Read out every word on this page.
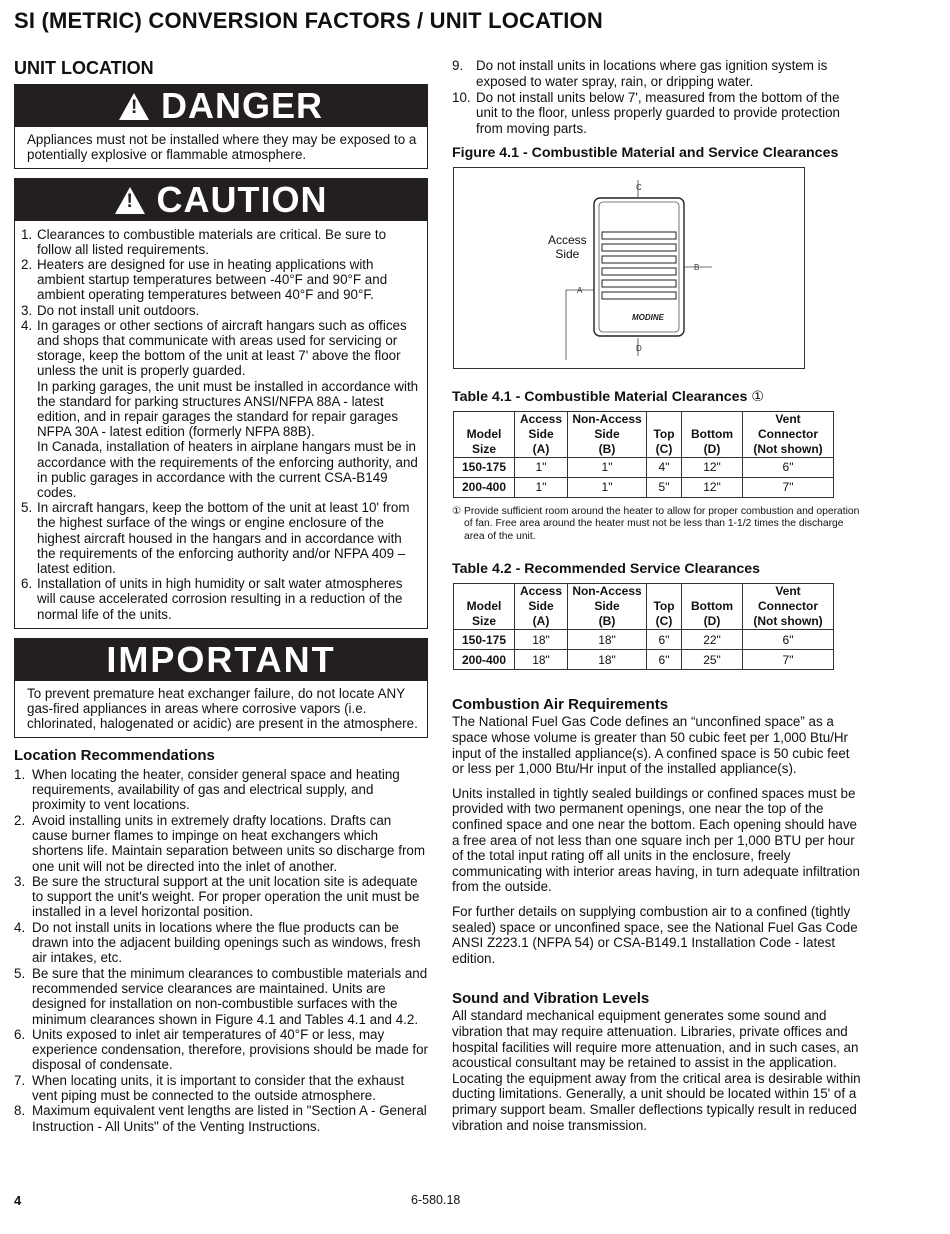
SI (METRIC) CONVERSION FACTORS / UNIT LOCATION
UNIT LOCATION
! DANGER
Appliances must not be installed where they may be exposed to a potentially explosive or flammable atmosphere.
! CAUTION
1. Clearances to combustible materials are critical. Be sure to follow all listed requirements.
2. Heaters are designed for use in heating applications with ambient startup temperatures between -40°F and 90°F and ambient operating temperatures between 40°F and 90°F.
3. Do not install unit outdoors.
4. In garages or other sections of aircraft hangars such as offices and shops that communicate with areas used for servicing or storage, keep the bottom of the unit at least 7' above the floor unless the unit is properly guarded.
In parking garages, the unit must be installed in accordance with the standard for parking structures ANSI/NFPA 88A - latest edition, and in repair garages the standard for repair garages NFPA 30A - latest edition (formerly NFPA 88B).
In Canada, installation of heaters in airplane hangars must be in accordance with the requirements of the enforcing authority, and in public garages in accordance with the current CSA-B149 codes.
5. In aircraft hangars, keep the bottom of the unit at least 10' from the highest surface of the wings or engine enclosure of the highest aircraft housed in the hangars and in accordance with the requirements of the enforcing authority and/or NFPA 409 – latest edition.
6. Installation of units in high humidity or salt water atmospheres will cause accelerated corrosion resulting in a reduction of the normal life of the units.
IMPORTANT
To prevent premature heat exchanger failure, do not locate ANY gas-fired appliances in areas where corrosive vapors (i.e. chlorinated, halogenated or acidic) are present in the atmosphere.
Location Recommendations
1. When locating the heater, consider general space and heating requirements, availability of gas and electrical supply, and proximity to vent locations.
2. Avoid installing units in extremely drafty locations. Drafts can cause burner flames to impinge on heat exchangers which shortens life. Maintain separation between units so discharge from one unit will not be directed into the inlet of another.
3. Be sure the structural support at the unit location site is adequate to support the unit's weight. For proper operation the unit must be installed in a level horizontal position.
4. Do not install units in locations where the flue products can be drawn into the adjacent building openings such as windows, fresh air intakes, etc.
5. Be sure that the minimum clearances to combustible materials and recommended service clearances are maintained. Units are designed for installation on non-combustible surfaces with the minimum clearances shown in Figure 4.1 and Tables 4.1 and 4.2.
6. Units exposed to inlet air temperatures of 40°F or less, may experience condensation, therefore, provisions should be made for disposal of condensate.
7. When locating units, it is important to consider that the exhaust vent piping must be connected to the outside atmosphere.
8. Maximum equivalent vent lengths are listed in "Section A - General Instruction - All Units" of the Venting Instructions.
9. Do not install units in locations where gas ignition system is exposed to water spray, rain, or dripping water.
10. Do not install units below 7', measured from the bottom of the unit to the floor, unless properly guarded to provide protection from moving parts.
Figure 4.1 - Combustible Material and Service Clearances
MODINE
C
D
A
B
Access
Side
Table 4.1 - Combustible Material Clearances ①
Model
Size	Access
Side
(A)	Non-Access
Side
(B)	Top
(C)	Bottom
(D)	Vent
Connector
(Not shown)
150-175	1"	1"	4"	12"	6"
200-400	1"	1"	5"	12"	7"
① Provide sufficient room around the heater to allow for proper combustion and operation of fan. Free area around the heater must not be less than 1-1/2 times the discharge area of the unit.
Table 4.2 - Recommended Service Clearances
Model
Size	Access
Side
(A)	Non-Access
Side
(B)	Top
(C)	Bottom
(D)	Vent
Connector
(Not shown)
150-175	18"	18"	6"	22"	6"
200-400	18"	18"	6"	25"	7"
Combustion Air Requirements
The National Fuel Gas Code defines an “unconfined space” as a space whose volume is greater than 50 cubic feet per 1,000 Btu/Hr input of the installed appliance(s). A confined space is 50 cubic feet or less per 1,000 Btu/Hr input of the installed appliance(s).
Units installed in tightly sealed buildings or confined spaces must be provided with two permanent openings, one near the top of the confined space and one near the bottom. Each opening should have a free area of not less than one square inch per 1,000 BTU per hour of the total input rating off all units in the enclosure, freely communicating with interior areas having, in turn adequate infiltration from the outside.
For further details on supplying combustion air to a confined (tightly sealed) space or unconfined space, see the National Fuel Gas Code ANSI Z223.1 (NFPA 54) or CSA-B149.1 Installation Code - latest edition.
Sound and Vibration Levels
All standard mechanical equipment generates some sound and vibration that may require attenuation. Libraries, private offices and hospital facilities will require more attenuation, and in such cases, an acoustical consultant may be retained to assist in the application. Locating the equipment away from the critical area is desirable within ducting limitations. Generally, a unit should be located within 15' of a primary support beam. Smaller deflections typically result in reduced vibration and noise transmission.
4	6-580.18
